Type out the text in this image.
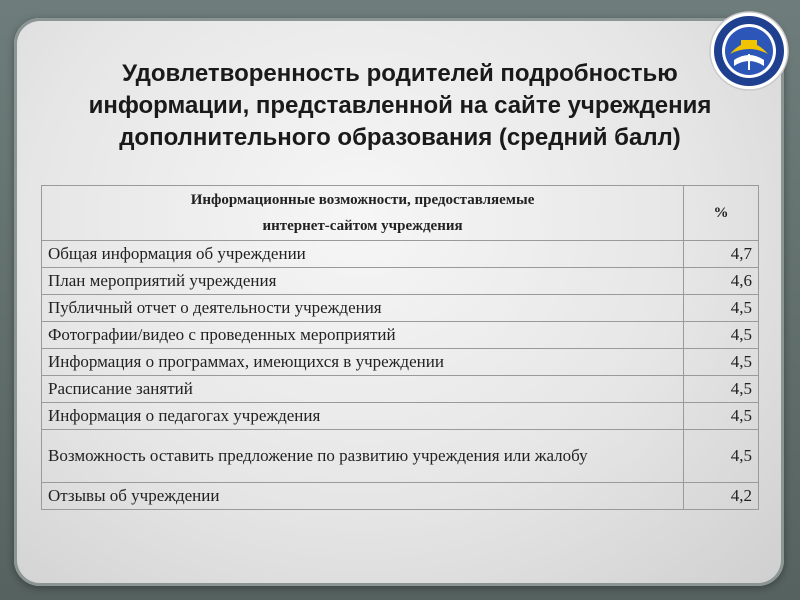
Удовлетворенность родителей подробностью
информации, представленной на сайте учреждения
дополнительного образования (средний балл)
Информационные возможности, предоставляемые
интернет-сайтом учреждения	%
Общая информация об учреждении	4,7
План мероприятий учреждения	4,6
Публичный отчет о деятельности учреждения	4,5
Фотографии/видео с проведенных мероприятий	4,5
Информация о программах, имеющихся в учреждении	4,5
Расписание занятий	4,5
Информация о педагогах учреждения	4,5
Возможность оставить предложение по развитию учреждения или жалобу	4,5
Отзывы об учреждении	4,2
